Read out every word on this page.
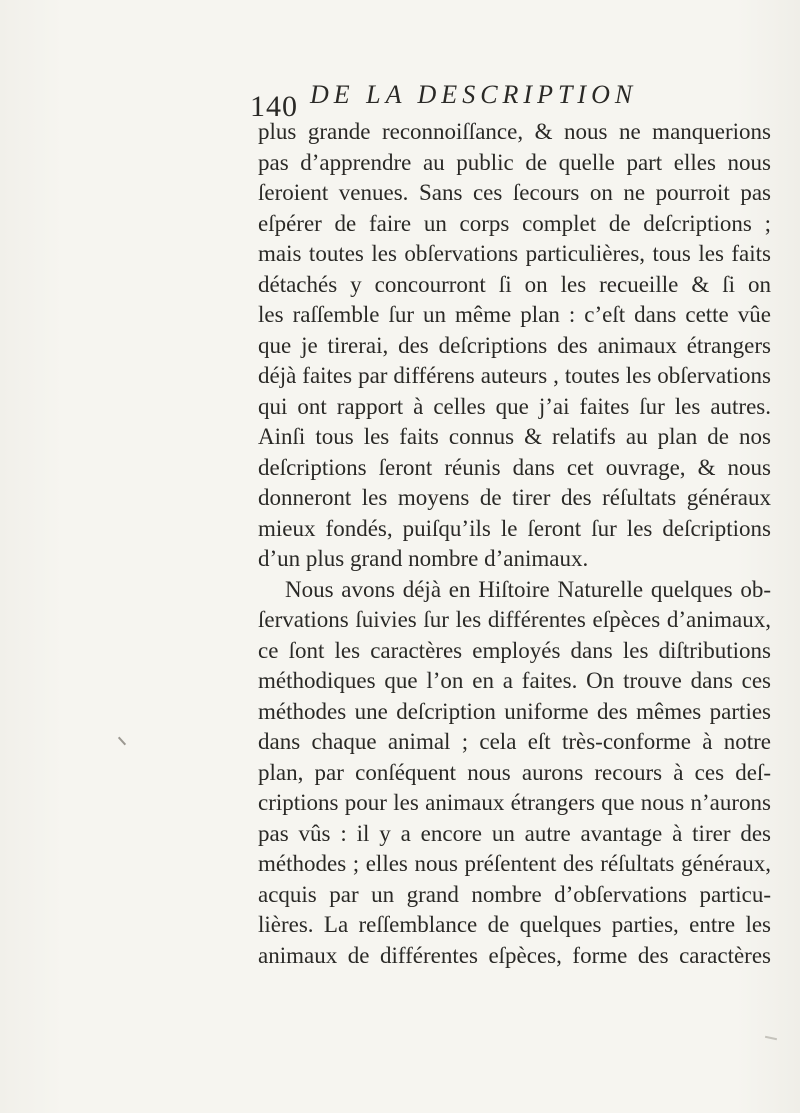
140 DE LA DESCRIPTION
plus grande reconnoiſſance, & nous ne manquerions
pas d’apprendre au public de quelle part elles nous
ſeroient venues. Sans ces ſecours on ne pourroit pas
eſpérer de faire un corps complet de deſcriptions ;
mais toutes les obſervations particulières, tous les faits
détachés y concourront ſi on les recueille & ſi on
les raſſemble ſur un même plan : c’eſt dans cette vûe
que je tirerai, des deſcriptions des animaux étrangers
déjà faites par différens auteurs , toutes les obſervations
qui ont rapport à celles que j’ai faites ſur les autres.
Ainſi tous les faits connus & relatifs au plan de nos
deſcriptions ſeront réunis dans cet ouvrage, & nous
donneront les moyens de tirer des réſultats généraux
mieux fondés, puiſqu’ils le ſeront ſur les deſcriptions
d’un plus grand nombre d’animaux.
Nous avons déjà en Hiſtoire Naturelle quelques ob-
ſervations ſuivies ſur les différentes eſpèces d’animaux,
ce ſont les caractères employés dans les diſtributions
méthodiques que l’on en a faites. On trouve dans ces
méthodes une deſcription uniforme des mêmes parties
dans chaque animal ; cela eſt très-conforme à notre
plan, par conſéquent nous aurons recours à ces deſ-
criptions pour les animaux étrangers que nous n’aurons
pas vûs : il y a encore un autre avantage à tirer des
méthodes ; elles nous préſentent des réſultats généraux,
acquis par un grand nombre d’obſervations particu-
lières. La reſſemblance de quelques parties, entre les
animaux de différentes eſpèces, forme des caractères
